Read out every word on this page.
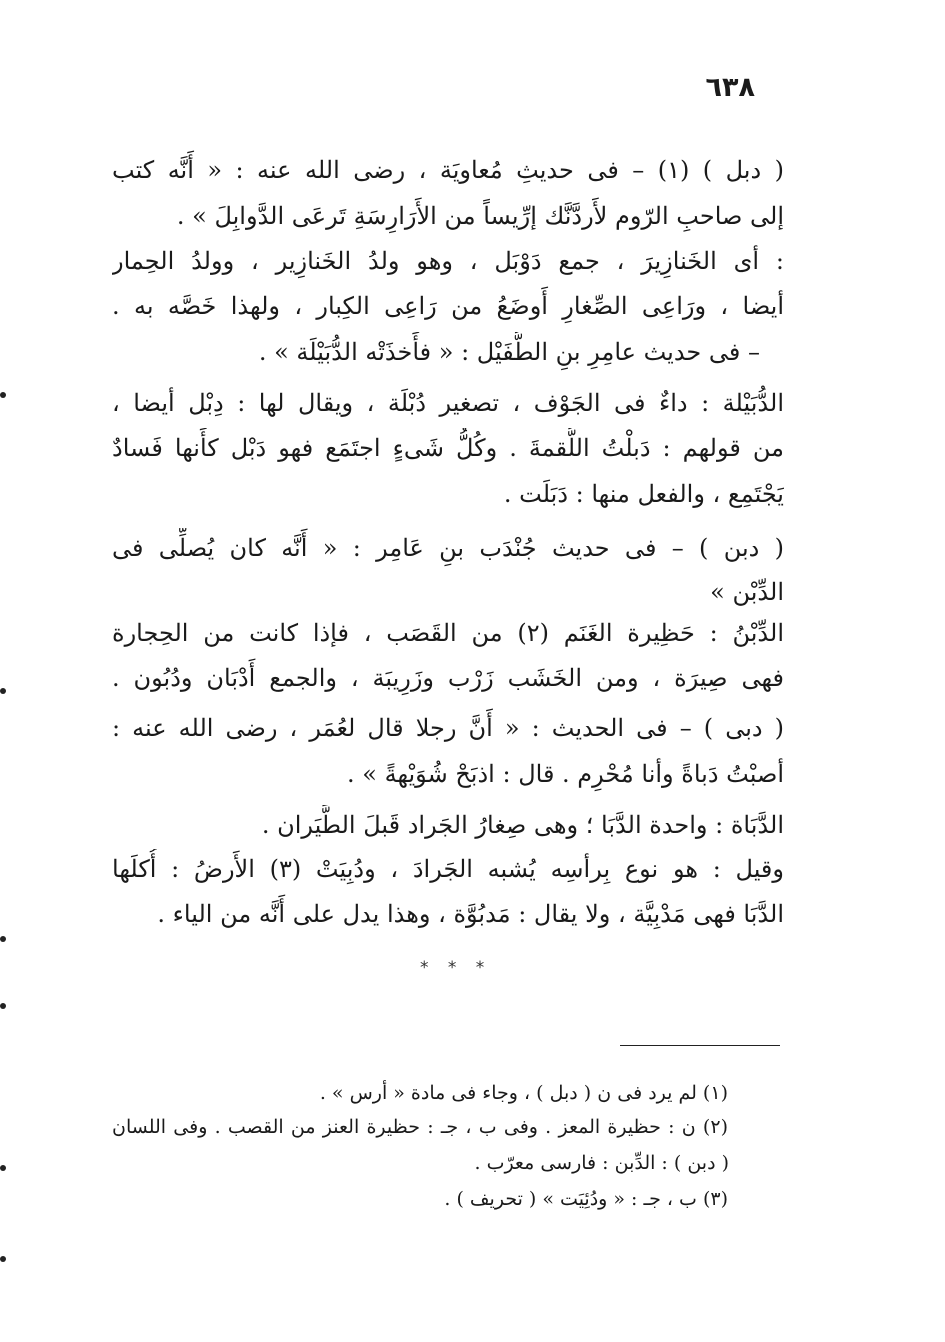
٦٣٨
( دبل ) (١) – فى حديثِ مُعاويَة ، رضى الله عنه : « أَنَّه كتب
إلى صاحبِ الرّوم لأَردَّنَّك إرِّيساً من الأَرَارِسَةِ تَرعَى الدَّوابِلَ » .
: أى الخَنازِيرَ ، جمع دَوْبَل ، وهو ولدُ الخَنازِير ، وولدُ الحِمار
أيضا ، ورَاعِى الصِّغارِ أَوضَعُ من رَاعِى الكِبار ، ولهذا خَصَّه به .
– فى حديث عامِرِ بنِ الطُّفَيْل : « فأَخذَتْه الدُّبَيْلَة » .
الدُّبَيْلة : داءٌ فى الجَوْف ، تصغير دُبْلَة ، ويقال لها : دِبْل أيضا ،
من قولهم : دَبلْتُ اللُّقمةَ . وكُلُّ شَىءٍ اجتَمَع فهو دَبْل كأَنها فَسادٌ
يَجْتَمِع ، والفعل منها : دَبَلَت .
( دبن ) – فى حديث جُنْدَب بنِ عَامِر : « أَنَّه كان يُصلِّى فى
الدِّبْن »
الدِّبْنُ : حَظِيرة الغَنَم (٢) من القَصَب ، فإذا كانت من الحِجارة
فهى صِيرَة ، ومن الخَشَب زَرْب وزَرِيبَة ، والجمع أَدْبَان ودُبُون .
( دبى ) – فى الحديث : « أَنَّ رجلا قال لعُمَر ، رضى الله عنه :
أصبْتُ دَباةً وأنا مُحْرِم . قال : اذبَحْ شُوَيْهةً » .
الدَّبَاة : واحدة الدَّبَا ؛ وهى صِغارُ الجَراد قَبلَ الطَّيَران .
وقيل : هو نوع بِرأسِه يُشبه الجَرادَ ، ودُبِيَتْ (٣) الأَرضُ : أُكلَها
الدَّبَا فهى مَدْبِيَّة ، ولا يقال : مَدبُوَّة ، وهذا يدل على أَنَّه من الياء .
* * *
(١) لم يرد فى ن ( دبل ) ، وجاء فى مادة « أرس » .
(٢) ن : حظيرة المعز . وفى ب ، جـ : حظيرة العنز من القصب . وفى اللسان
( دبن ) : الدِّبن : فارسى معرّب .
(٣) ب ، جـ : « ودُئِيَت » ( تحريف ) .
